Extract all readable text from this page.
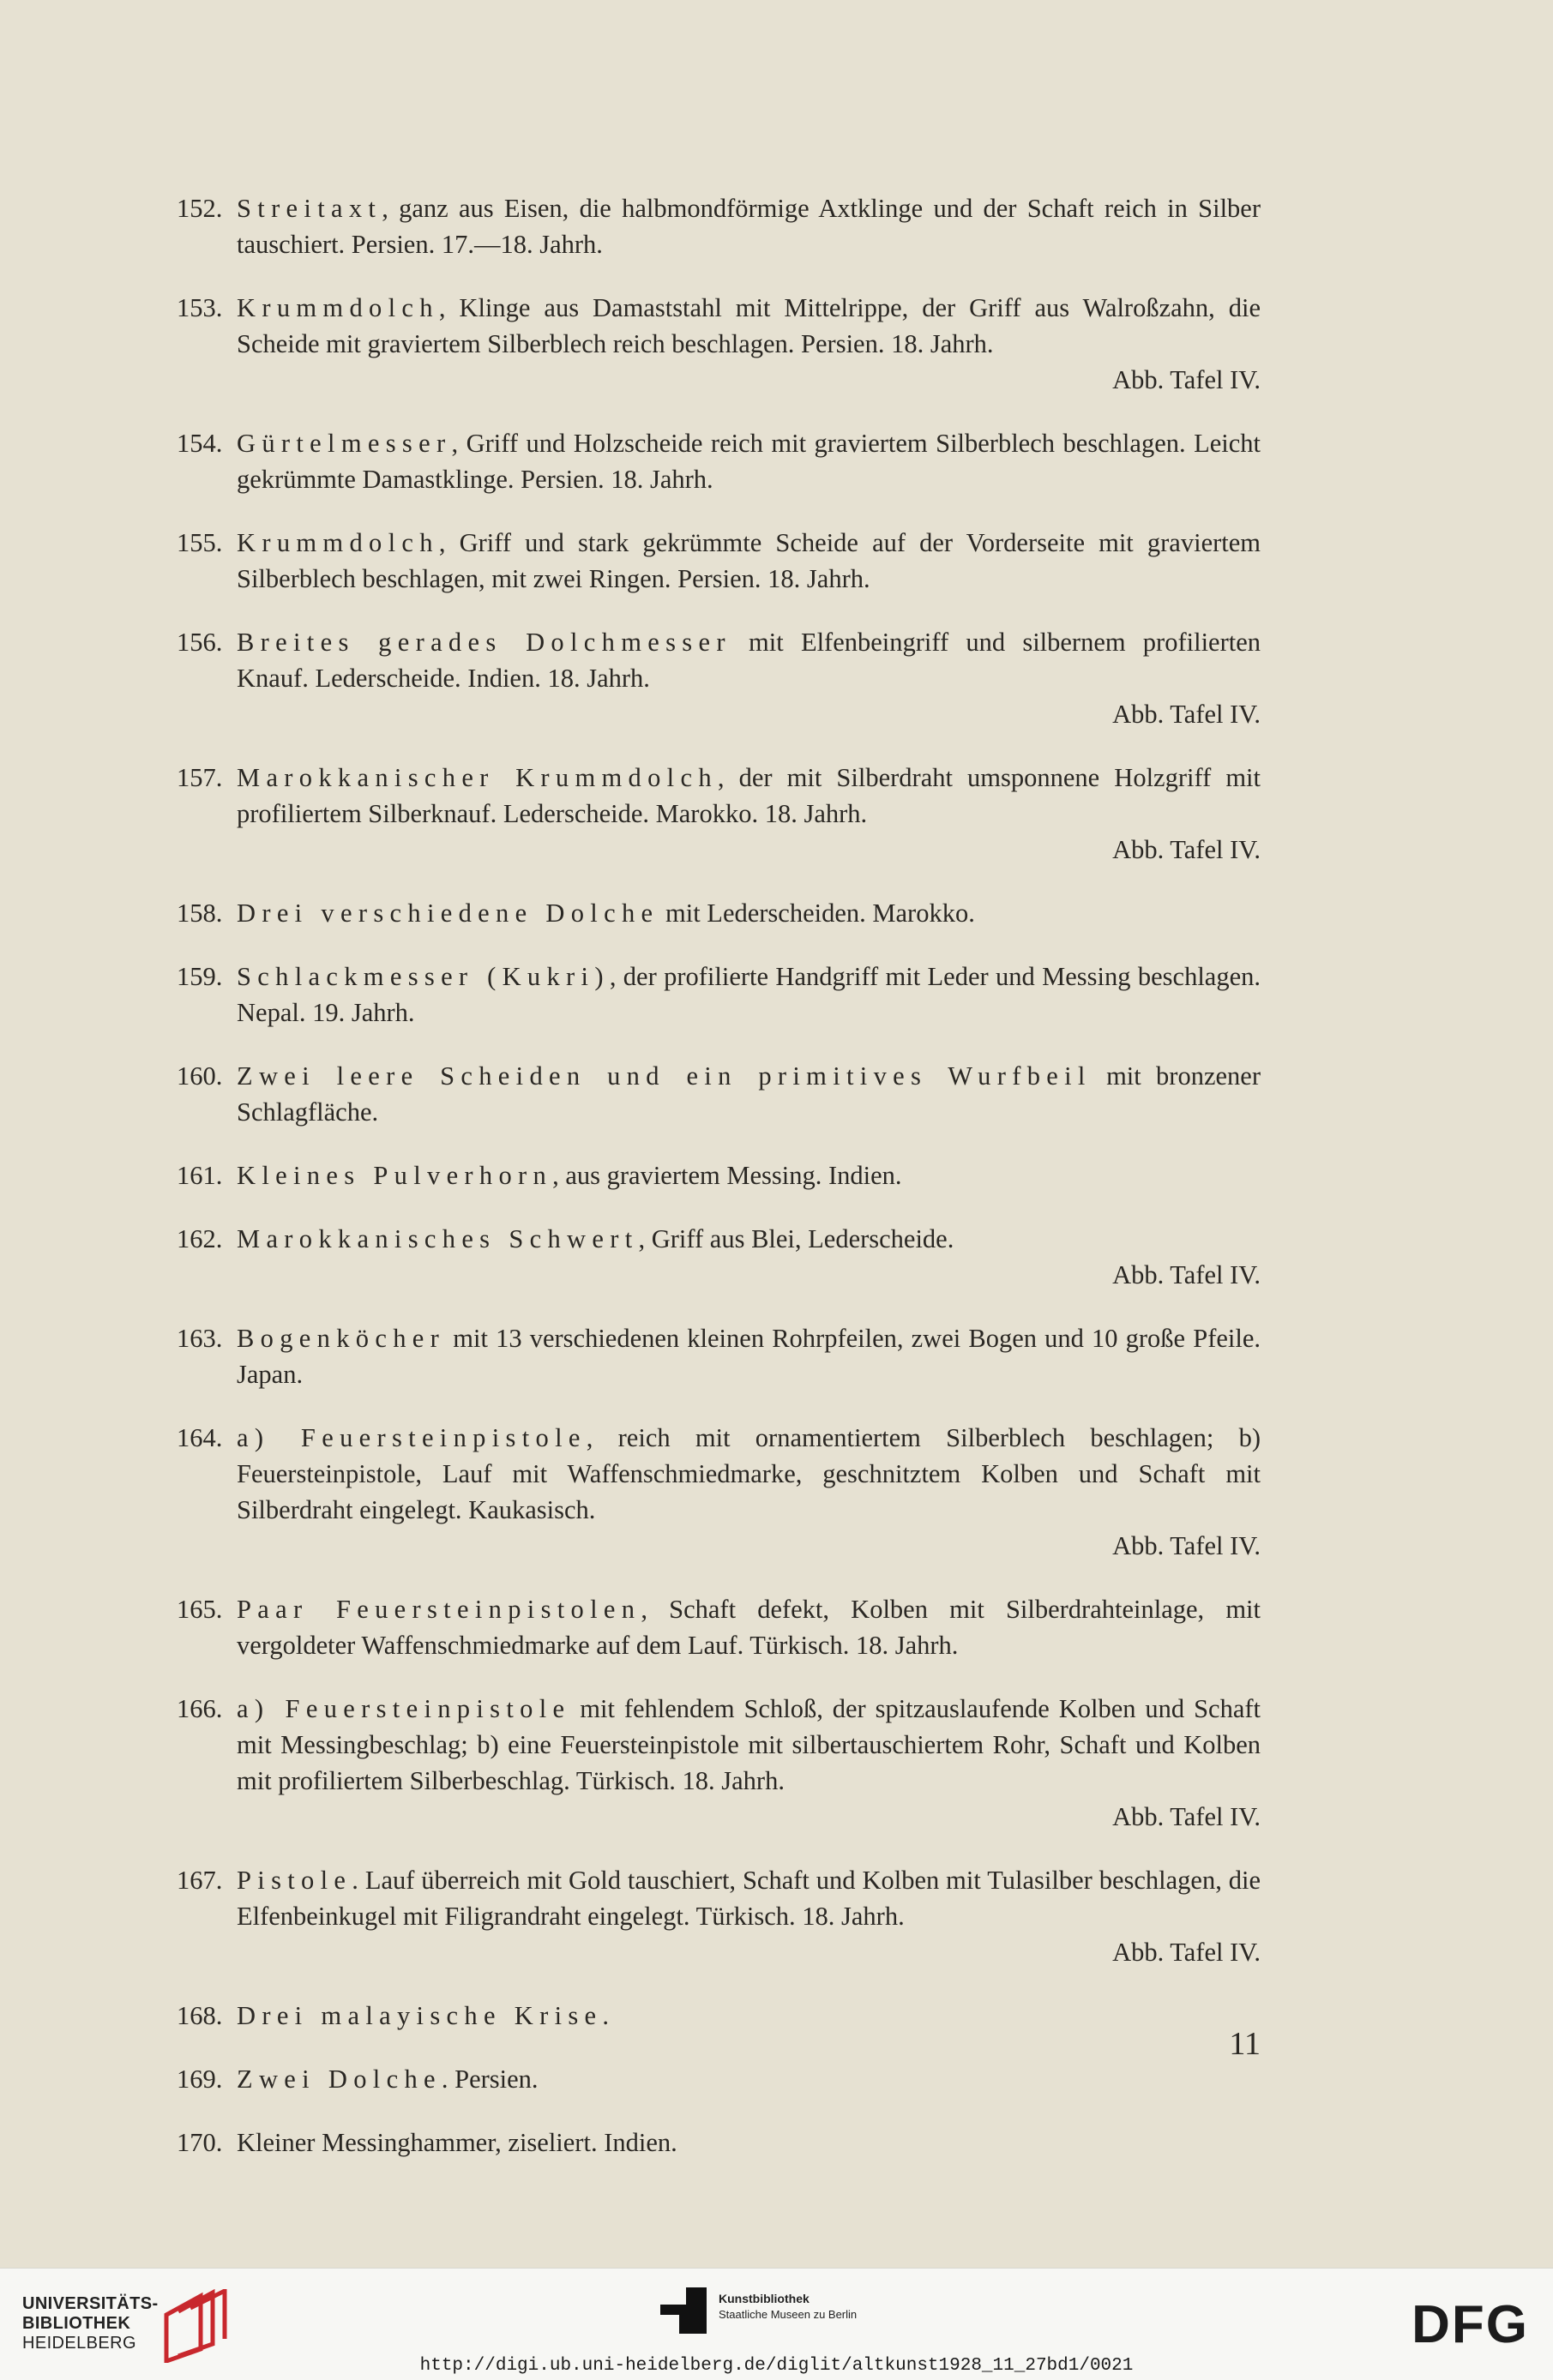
152. Streitaxt, ganz aus Eisen, die halbmondförmige Axtklinge und der Schaft reich in Silber tauschiert. Persien. 17.—18. Jahrh.
153. Krummdolch, Klinge aus Damaststahl mit Mittelrippe, der Griff aus Walroßzahn, die Scheide mit graviertem Silberblech reich beschlagen. Persien. 18. Jahrh.
Abb. Tafel IV.
154. Gürtelmesser, Griff und Holzscheide reich mit graviertem Silberblech beschlagen. Leicht gekrümmte Damastklinge. Persien. 18. Jahrh.
155. Krummdolch, Griff und stark gekrümmte Scheide auf der Vorderseite mit graviertem Silberblech beschlagen, mit zwei Ringen. Persien. 18. Jahrh.
156. Breites gerades Dolchmesser mit Elfenbeingriff und silbernem profilierten Knauf. Lederscheide. Indien. 18. Jahrh.
Abb. Tafel IV.
157. Marokkanischer Krummdolch, der mit Silberdraht umsponnene Holzgriff mit profiliertem Silberknauf. Lederscheide. Marokko. 18. Jahrh.
Abb. Tafel IV.
158. Drei verschiedene Dolche mit Lederscheiden. Marokko.
159. Schlackmesser (Kukri), der profilierte Handgriff mit Leder und Messing beschlagen. Nepal. 19. Jahrh.
160. Zwei leere Scheiden und ein primitives Wurfbeil mit bronzener Schlagfläche.
161. Kleines Pulverhorn, aus graviertem Messing. Indien.
162. Marokkanisches Schwert, Griff aus Blei, Lederscheide.
Abb. Tafel IV.
163. Bogenköcher mit 13 verschiedenen kleinen Rohrpfeilen, zwei Bogen und 10 große Pfeile. Japan.
164. a) Feuersteinpistole, reich mit ornamentiertem Silberblech beschlagen; b) Feuersteinpistole, Lauf mit Waffenschmiedmarke, geschnitztem Kolben und Schaft mit Silberdraht eingelegt. Kaukasisch.
Abb. Tafel IV.
165. Paar Feuersteinpistolen, Schaft defekt, Kolben mit Silberdrahteinlage, mit vergoldeter Waffenschmiedmarke auf dem Lauf. Türkisch. 18. Jahrh.
166. a) Feuersteinpistole mit fehlendem Schloß, der spitzauslaufende Kolben und Schaft mit Messingbeschlag; b) eine Feuersteinpistole mit silbertauschiertem Rohr, Schaft und Kolben mit profiliertem Silberbeschlag. Türkisch. 18. Jahrh.
Abb. Tafel IV.
167. Pistole. Lauf überreich mit Gold tauschiert, Schaft und Kolben mit Tulasilber beschlagen, die Elfenbeinkugel mit Filigrandraht eingelegt. Türkisch. 18. Jahrh.
Abb. Tafel IV.
168. Drei malayische Krise.
169. Zwei Dolche. Persien.
170. Kleiner Messinghammer, ziseliert. Indien.
11
UNIVERSITÄTS-
BIBLIOTHEK
HEIDELBERG
Kunstbibliothek
Staatliche Museen zu Berlin	DFG
http://digi.ub.uni-heidelberg.de/diglit/altkunst1928_11_27bd1/0021
